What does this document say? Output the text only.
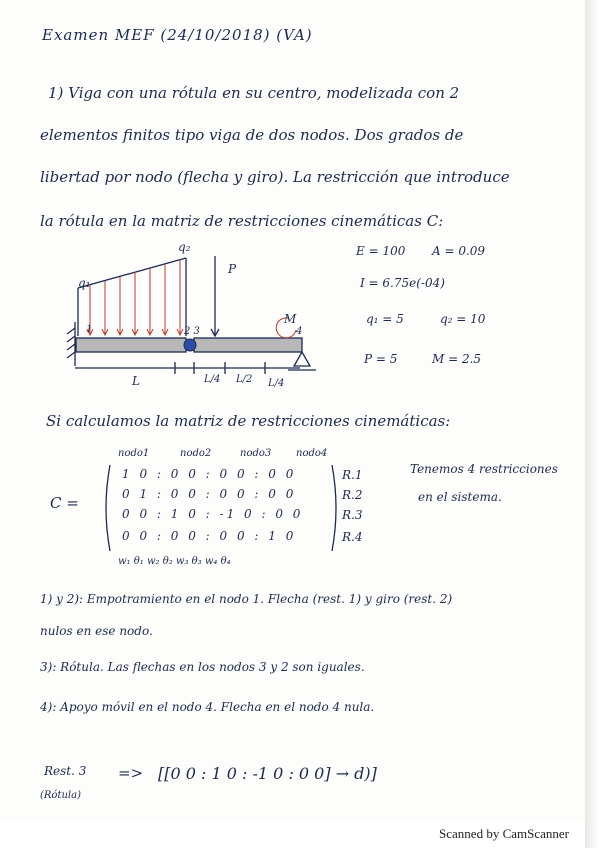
Examen MEF (24/10/2018) (VA)
1) Viga con una rótula en su centro, modelizada con 2
elementos finitos tipo viga de dos nodos. Dos grados de
libertad por nodo (flecha y giro). La restricción que introduce
la rótula en la matriz de restricciones cinemáticas C:
q₁
q₂
P
M
1	2 3	4
L	L/4 L/2 L/4
E = 100 A = 0.09
I = 6.75e(-04)
q₁ = 5	q₂ = 10
P = 5	M = 2.5
Si calculamos la matriz de restricciones cinemáticas:
nodo1	nodo2	nodo3 nodo4
C =
1 0 : 0 0 : 0 0 : 0 0
0 1 : 0 0 : 0 0 : 0 0
0 0 : 1 0 : -1 0 : 0 0
0 0 : 0 0 : 0 0 : 1 0
R.1
R.2
R.3
R.4
w₁ θ₁ w₂ θ₂ w₃ θ₃ w₄ θ₄
Tenemos 4 restricciones
en el sistema.
1) y 2): Empotramiento en el nodo 1. Flecha (rest. 1) y giro (rest. 2)
nulos en ese nodo.
3): Rótula. Las flechas en los nodos 3 y 2 son iguales.
4): Apoyo móvil en el nodo 4. Flecha en el nodo 4 nula.
Rest. 3
(Rótula)
=> [[0 0 : 1 0 : -1 0 : 0 0] → d)]
Scanned by CamScanner
